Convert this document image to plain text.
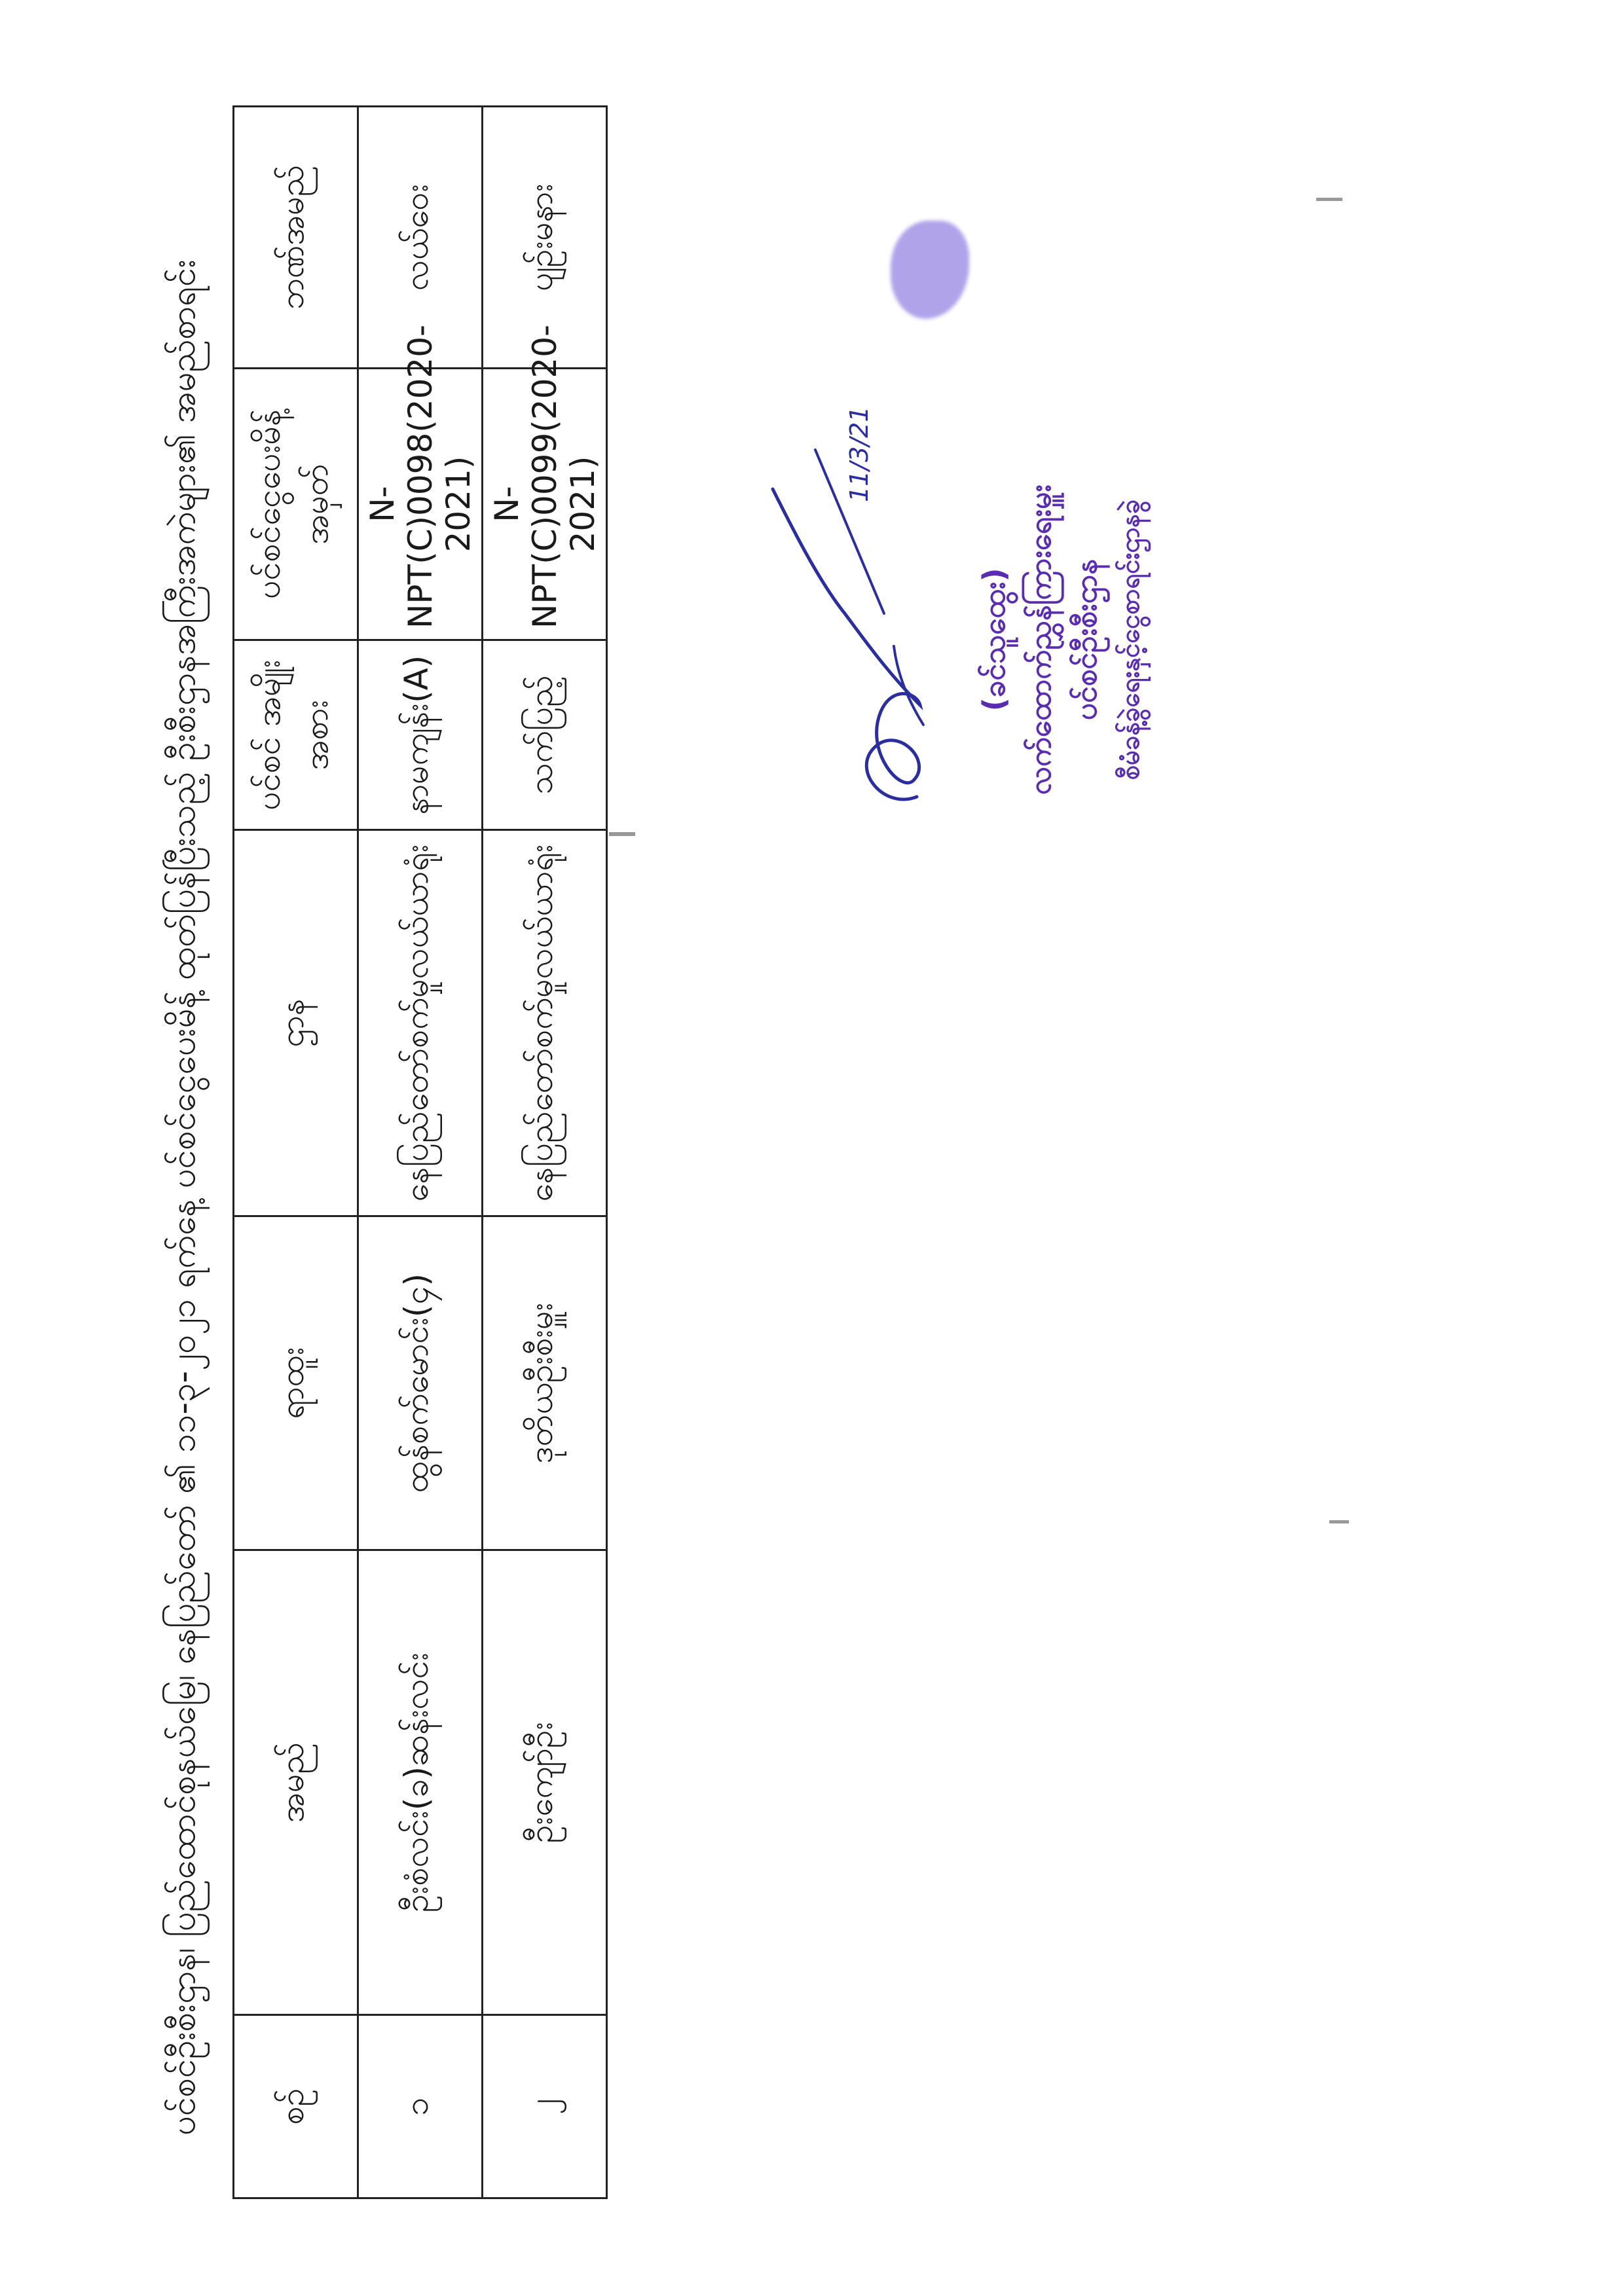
ပင်စင်ဦးစီးဌာန၊ ပြည်ထောင်စုနယ်မြေ၊ နေပြည်တော် ၏ ၁၁-၃-၂၀၂၁ ရက်နေ့ ပင်စင်ငွေပေးမိန့် ထုတ်ပြန်ပြီးသည့် ဦးစီးဌာနအကြီးအကဲများ၏ အမည်စာရင်း စဉ်	အမည်	ရာထူး	ဌာန	ပင်စင် အမျိုးအစား	ပင်စင်ငွေပေးမိန့်အမှတ်	ဘဏ်အမည်
၁	ဦးစံလင်း(ခ)ဆန်းလင်း	ထွန်စက်မောင်း(၄)	နေပြည်တော်စက်မှုလယ်ယာရုံး	နာမကျန်း(A)	N-NPT(C)0098(2020-2021)	လယ်ဝေး
၂	ဦးကျော်ဦး	ဒုတိယဦးစီးမှူး	နေပြည်တော်စက်မှုလယ်ယာရုံး	သက်ပြည့်	N-NPT(C)0099(2020-2021)	ပျဉ်းမနား
11/3/21
(ခင်သူထွေး) လက်ထောက်ညွှန်ကြားရေးမှူး ပင်စင်ဦးစီးဌာန စီမံခန့်ခွဲရေးနှင့်ငွေစာရင်းဌာနခွဲ
